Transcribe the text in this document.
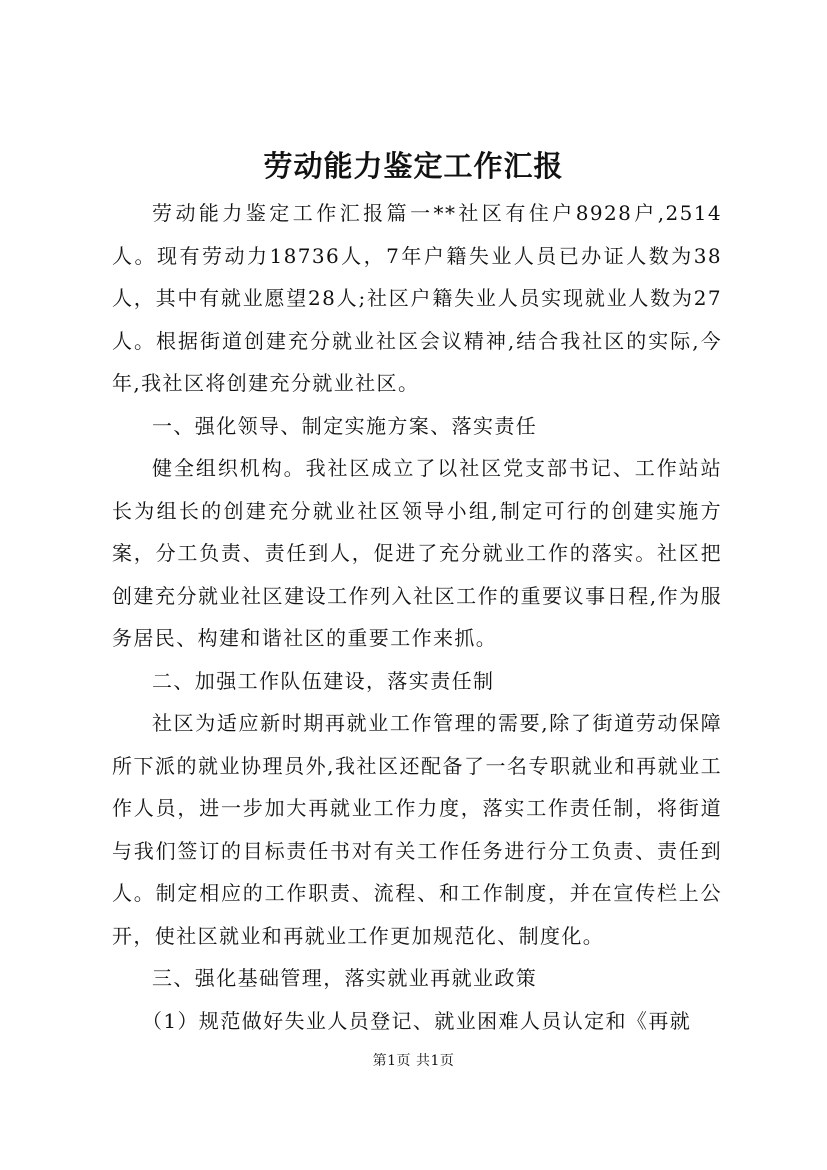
劳动能力鉴定工作汇报

劳动能力鉴定工作汇报篇一**社区有住户8928户,2514人。现有劳动力18736人，7年户籍失业人员已办证人数为38人，其中有就业愿望28人;社区户籍失业人员实现就业人数为27人。根据街道创建充分就业社区会议精神,结合我社区的实际,今年,我社区将创建充分就业社区。

一、强化领导、制定实施方案、落实责任

健全组织机构。我社区成立了以社区党支部书记、工作站站长为组长的创建充分就业社区领导小组,制定可行的创建实施方案，分工负责、责任到人，促进了充分就业工作的落实。社区把创建充分就业社区建设工作列入社区工作的重要议事日程,作为服务居民、构建和谐社区的重要工作来抓。

二、加强工作队伍建设，落实责任制

社区为适应新时期再就业工作管理的需要,除了街道劳动保障所下派的就业协理员外,我社区还配备了一名专职就业和再就业工作人员，进一步加大再就业工作力度，落实工作责任制，将街道与我们签订的目标责任书对有关工作任务进行分工负责、责任到人。制定相应的工作职责、流程、和工作制度，并在宣传栏上公开，使社区就业和再就业工作更加规范化、制度化。

三、强化基础管理，落实就业再就业政策

（1）规范做好失业人员登记、就业困难人员认定和《再就

第1页 共1页
